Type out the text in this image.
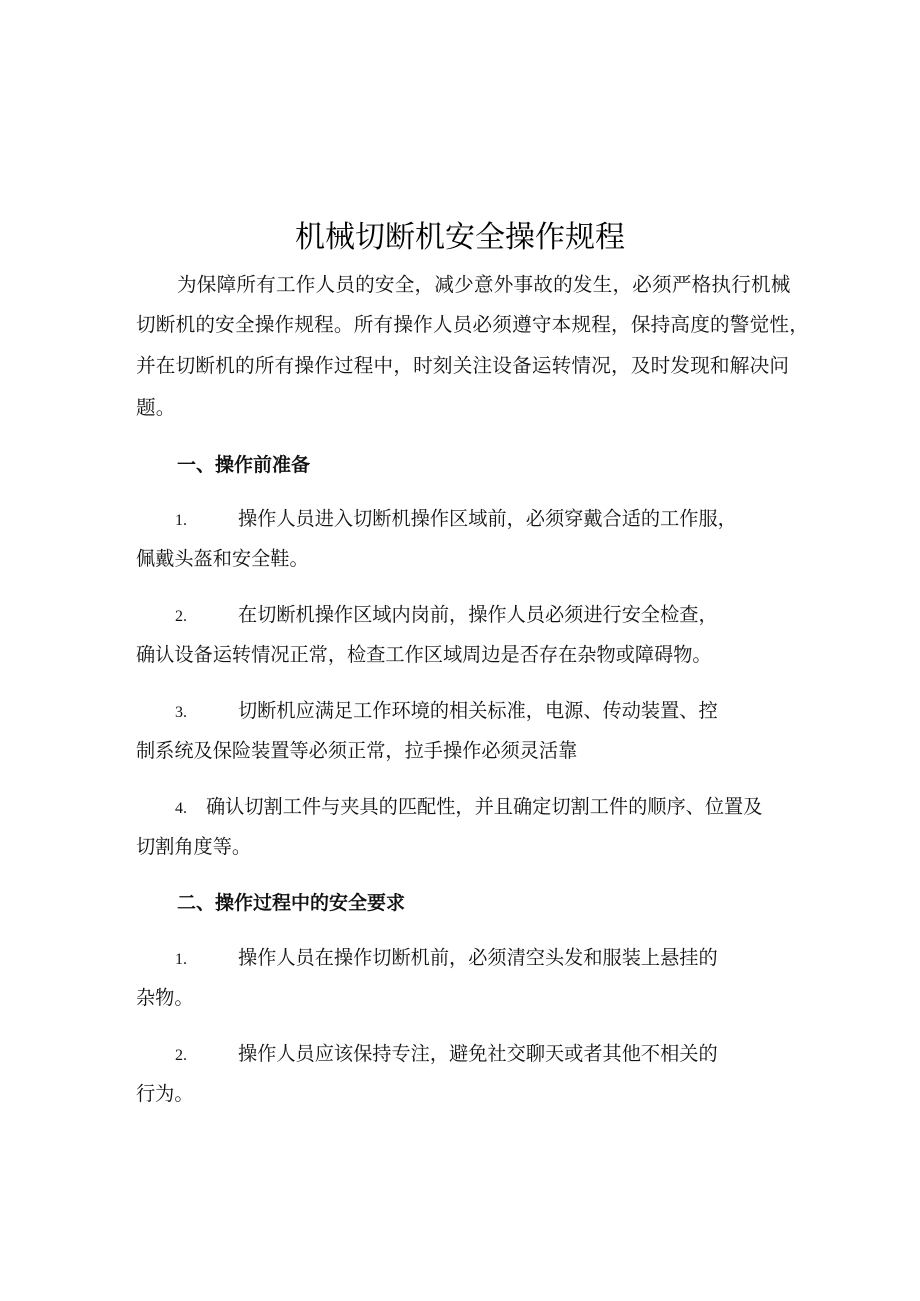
机械切断机安全操作规程

为保障所有工作人员的安全，减少意外事故的发生，必须严格执行机械

切断机的安全操作规程。所有操作人员必须遵守本规程，保持高度的警觉性，

并在切断机的所有操作过程中，时刻关注设备运转情况，及时发现和解决问

题。

一、操作前准备

1.	操作人员进入切断机操作区域前，必须穿戴合适的工作服，

佩戴头盔和安全鞋。

2.	在切断机操作区域内岗前，操作人员必须进行安全检查，

确认设备运转情况正常，检查工作区域周边是否存在杂物或障碍物。

3.	切断机应满足工作环境的相关标准，电源、传动装置、控

制系统及保险装置等必须正常，拉手操作必须灵活靠

4. 确认切割工件与夹具的匹配性，并且确定切割工件的顺序、位置及

切割角度等。

二、操作过程中的安全要求

1.	操作人员在操作切断机前，必须清空头发和服装上悬挂的

杂物。

2.	操作人员应该保持专注，避免社交聊天或者其他不相关的

行为。
